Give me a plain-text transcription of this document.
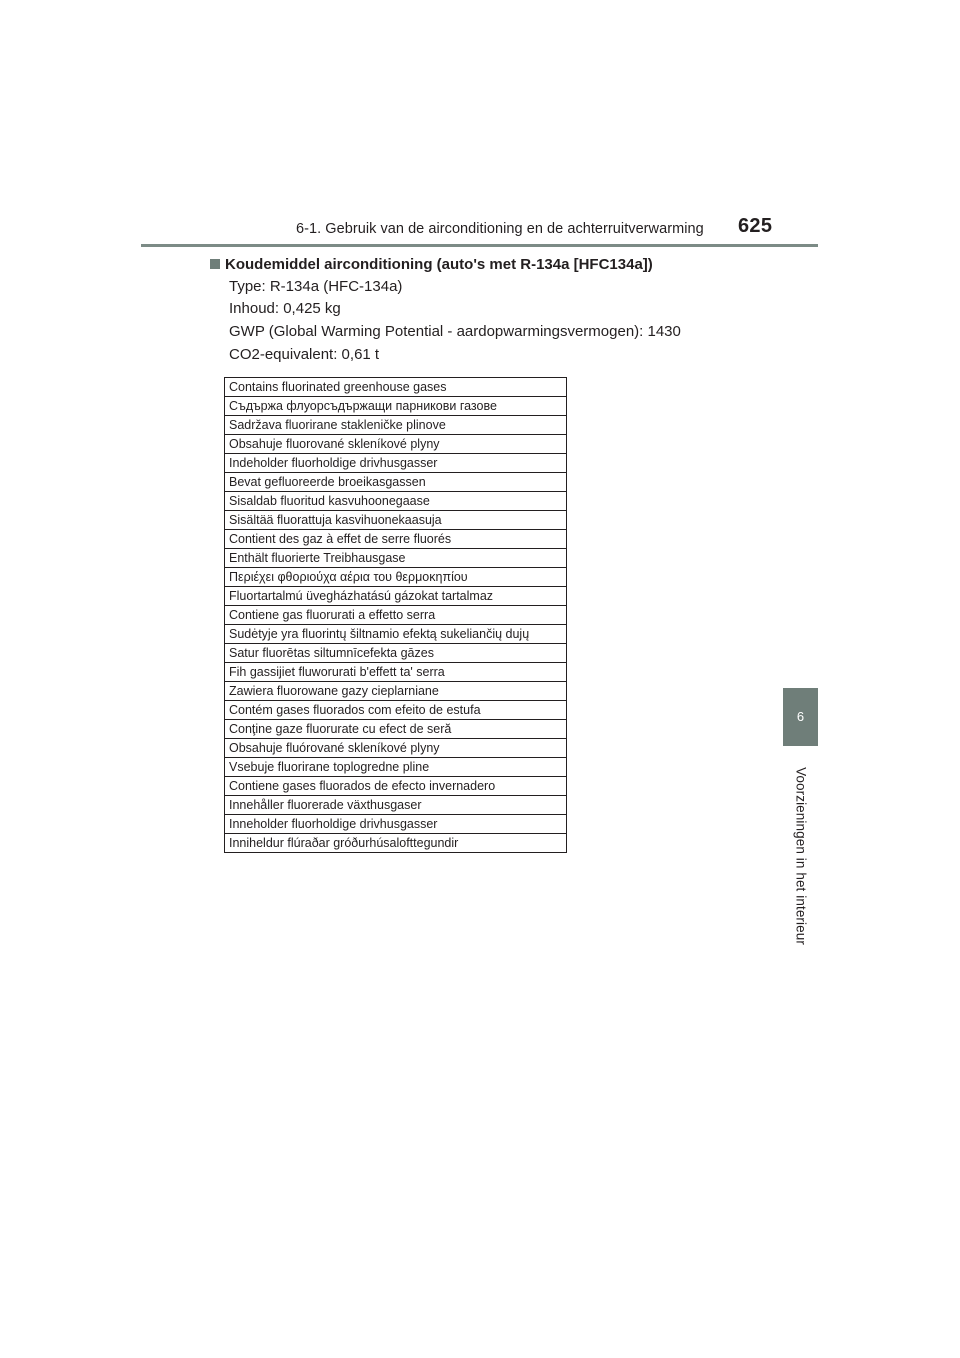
6-1. Gebruik van de airconditioning en de achterruitverwarming 625
6
Voorzieningen in het interieur
Koudemiddel airconditioning (auto's met R-134a [HFC134a])
Type: R-134a (HFC-134a)
Inhoud: 0,425 kg
GWP (Global Warming Potential - aardopwarmingsvermogen): 1430
CO2-equivalent: 0,61 t
Contains fluorinated greenhouse gases
Съдържа флуорсъдържащи парникови газове
Sadržava fluorirane stakleničke plinove
Obsahuje fluorované skleníkové plyny
Indeholder fluorholdige drivhusgasser
Bevat gefluoreerde broeikasgassen
Sisaldab fluoritud kasvuhoonegaase
Sisältää fluorattuja kasvihuonekaasuja
Contient des gaz à effet de serre fluorés
Enthält fluorierte Treibhausgase
Περιέχει φθοριούχα αέρια του θερμοκηπίου
Fluortartalmú üvegházhatású gázokat tartalmaz
Contiene gas fluorurati a effetto serra
Sudėtyje yra fluorintų šiltnamio efektą sukeliančių dujų
Satur fluorētas siltumnīcefekta gāzes
Fih gassijiet fluworurati b'effett ta' serra
Zawiera fluorowane gazy cieplarniane
Contém gases fluorados com efeito de estufa
Conţine gaze fluorurate cu efect de seră
Obsahuje fluórované skleníkové plyny
Vsebuje fluorirane toplogredne pline
Contiene gases fluorados de efecto invernadero
Innehåller fluorerade växthusgaser
Inneholder fluorholdige drivhusgasser
Inniheldur flúraðar gróðurhúsalofttegundir
